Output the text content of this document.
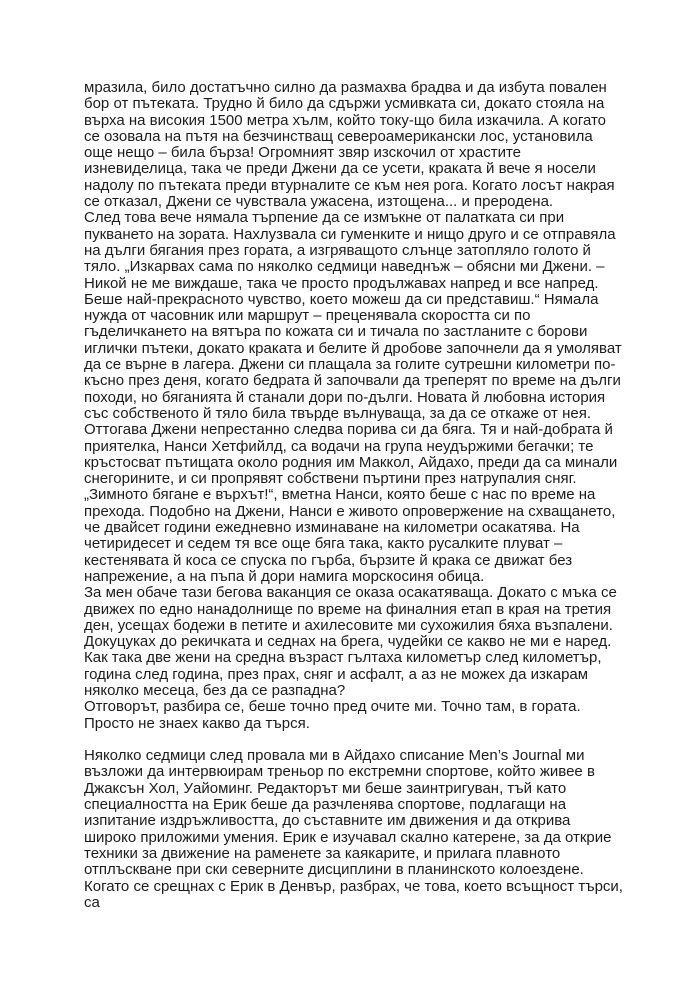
мразила, било достатъчно силно да размахва брадва и да избута повален бор от пътеката. Трудно й било да сдържи усмивката си, докато стояла на върха на високия 1500 метра хълм, който току-що била изкачила. А когато се озовала на пътя на безчинстващ североамерикански лос, установила още нещо – била бърза! Огромният звяр изскочил от храстите изневиделица, така че преди Джени да се усети, краката й вече я носели надолу по пътеката преди втурналите се към нея рога. Когато лосът накрая се отказал, Джени се чувствала ужасена, изтощена... и преродена.

След това вече нямала търпение да се измъкне от палатката си при пукването на зората. Нахлузвала си гуменките и нищо друго и се отправяла на дълги бягания през гората, а изгряващото слънце затопляло голото й тяло. „Изкарвах сама по няколко седмици наведнъж – обясни ми Джени. – Никой не ме виждаше, така че просто продължавах напред и все напред. Беше най-прекрасното чувство, което можеш да си представиш.“ Нямала нужда от часовник или маршрут – преценявала скоростта си по гъделичкането на вятъра по кожата си и тичала по застланите с борови иглички пътеки, докато краката и белите й дробове започнели да я умоляват да се върне в лагера. Джени си плащала за голите сутрешни километри по-късно през деня, когато бедрата й започвали да треперят по време на дълги походи, но бяганията й станали дори по-дълги. Новата й любовна история със собственото й тяло била твърде вълнуваща, за да се откаже от нея.

Оттогава Джени непрестанно следва порива си да бяга. Тя и най-добрата й приятелка, Нанси Хетфийлд, са водачи на група неудържими бегачки; те кръстосват пътищата около родния им Маккол, Айдахо, преди да са минали снегорините, и си пропрявят собствени пъртини през натрупалия сняг. „Зимното бягане е върхът!“, вметна Нанси, която беше с нас по време на прехода. Подобно на Джени, Нанси е живото опровержение на схващането, че двайсет години ежедневно изминаване на километри осакатява. На четиридесет и седем тя все още бяга така, както русалките плуват – кестенявата й коса се спуска по гърба, бързите й крака се движат без напрежение, а на пъпа й дори намига морскосиня обица.

За мен обаче тази бегова ваканция се оказа осакатяваща. Докато с мъка се движех по едно нанадолнище по време на финалния етап в края на третия ден, усещах бодежи в петите и ахилесовите ми сухожилия бяха възпалени. Докуцуках до рекичката и седнах на брега, чудейки се какво не ми е наред. Как така две жени на средна възраст гълтаха километър след километър, година след година, през прах, сняг и асфалт, а аз не можех да изкарам няколко месеца, без да се разпадна?

Отговорът, разбира се, беше точно пред очите ми. Точно там, в гората. Просто не знаех какво да търся.

Няколко седмици след провала ми в Айдахо списание Men’s Journal ми възложи да интервюирам треньор по екстремни спортове, който живее в Джаксън Хол, Уайоминг. Редакторът ми беше заинтригуван, тъй като специалността на Ерик беше да разчленява спортове, подлагащи на изпитание издръжливостта, до съставните им движения и да открива широко приложими умения. Ерик е изучавал скално катерене, за да открие техники за движение на раменете за каякарите, и прилага плавното отплъскване при ски северните дисциплини в планинското колоездене.

Когато се срещнах с Ерик в Денвър, разбрах, че това, което всъщност търси, са
